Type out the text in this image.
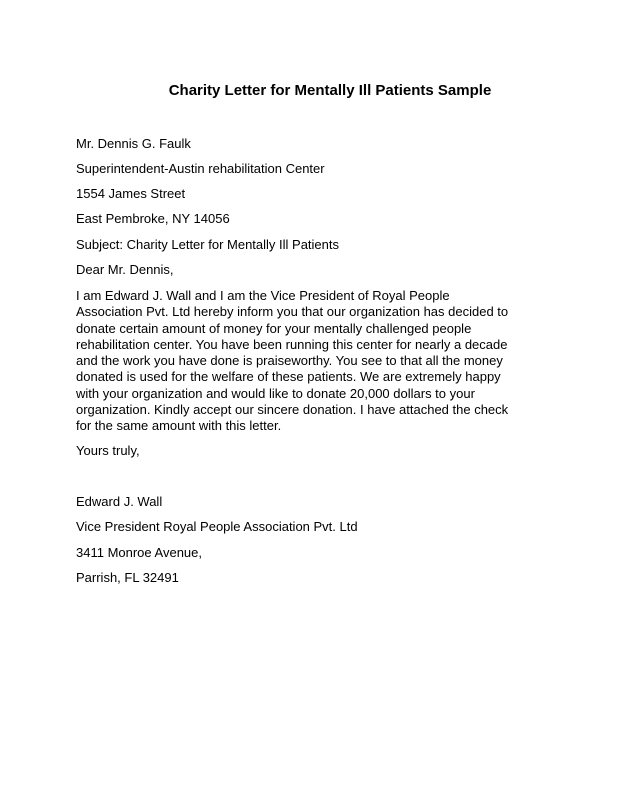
Charity Letter for Mentally Ill Patients Sample
Mr. Dennis G. Faulk
Superintendent-Austin rehabilitation Center
1554 James Street
East Pembroke, NY 14056
Subject: Charity Letter for Mentally Ill Patients
Dear Mr. Dennis,
I am Edward J. Wall and I am the Vice President of Royal People
Association Pvt. Ltd hereby inform you that our organization has decided to
donate certain amount of money for your mentally challenged people
rehabilitation center. You have been running this center for nearly a decade
and the work you have done is praiseworthy. You see to that all the money
donated is used for the welfare of these patients. We are extremely happy
with your organization and would like to donate 20,000 dollars to your
organization. Kindly accept our sincere donation. I have attached the check
for the same amount with this letter.
Yours truly,
Edward J. Wall
Vice President Royal People Association Pvt. Ltd
3411 Monroe Avenue,
Parrish, FL 32491
